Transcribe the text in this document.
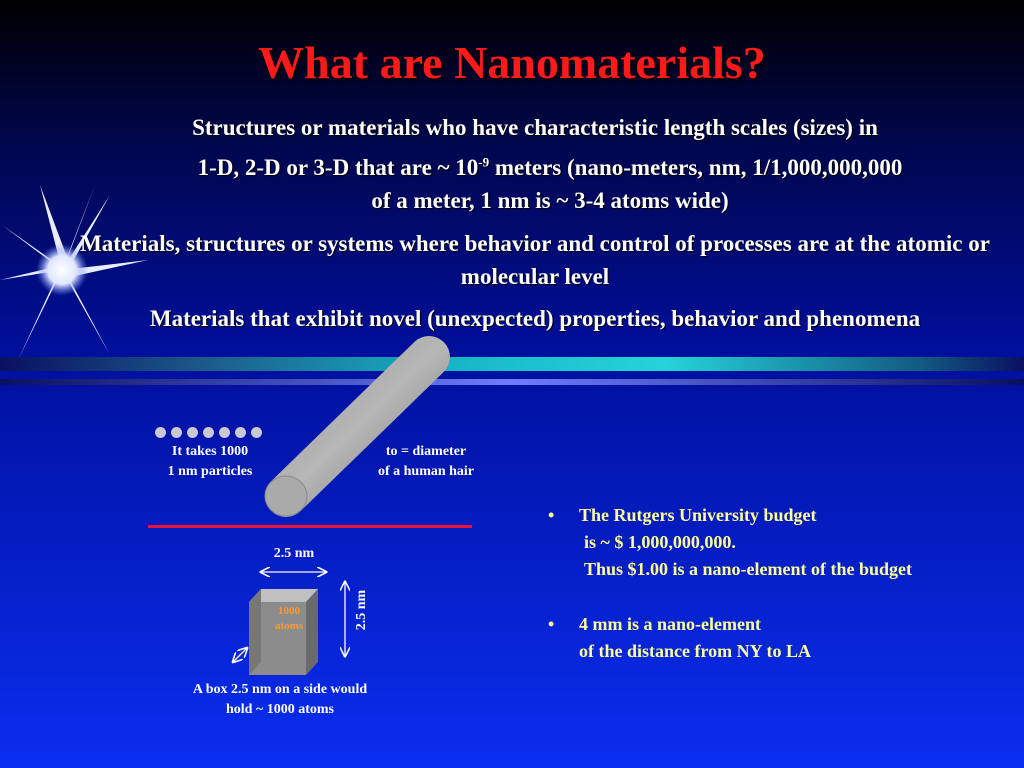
What are Nanomaterials?
Structures or materials who have characteristic length scales (sizes) in
1-D, 2-D or 3-D that are ~ $10^{-9}$ meters (nano-meters, nm, 1/1,000,000,000
of a meter, 1 nm is ~ 3-4 atoms wide)
Materials, structures or systems where behavior and control of processes are at the atomic or molecular level
Materials that exhibit novel (unexpected) properties, behavior and phenomena
It takes 1000
1 nm particles
to = diameter
of a human hair
2.5 nm
1000
atoms	2.5 nm
A box 2.5 nm on a side would
hold ~ 1000 atoms
•	The Rutgers University budget
is ~ $ 1,000,000,000.
Thus $1.00 is a nano-element of the budget
•	4 mm is a nano-element
of the distance from NY to LA
